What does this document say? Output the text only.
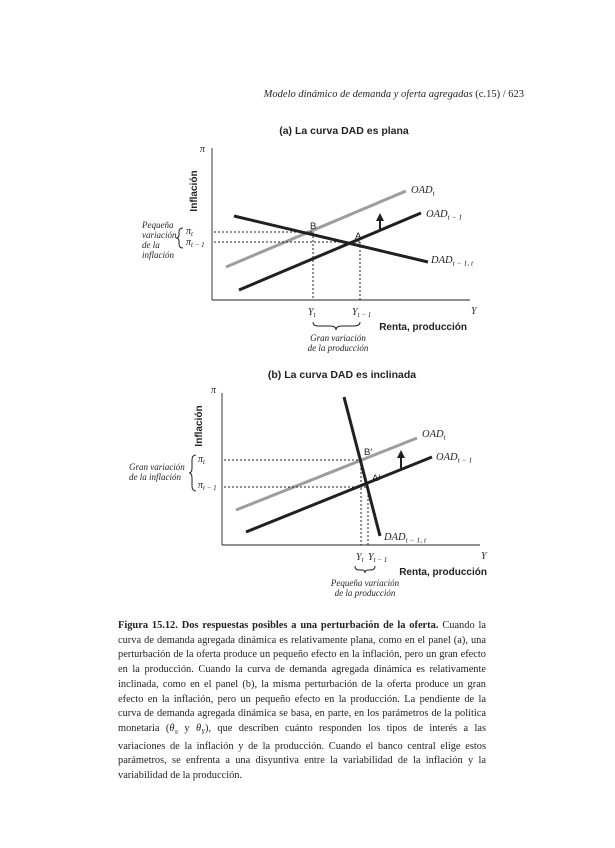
Modelo dinámico de demanda y oferta agregadas (c.15) / 623
(a) La curva DAD es plana
π
Y
Inflación
Renta, producción
$OAD_t$
$OAD_{t - 1}$
$DAD_{t - 1, t}$
B
A
$\pi_t$
$\pi_{t - 1}$
Pequeña
variación
de la
inflación
$Y_t$	$Y_{t - 1}$
Gran variación
de la producción
(b) La curva DAD es inclinada
π
Y
Inflación
Renta, producción
$OAD_t$
$OAD_{t - 1}$
$DAD_{t - 1, t}$
B′
A′
$\pi_t$
$\pi_{t - 1}$
Gran variación
de la inflación
$Y_t$ $Y_{t - 1}$
Pequeña variación
de la producción
Figura 15.12. Dos respuestas posibles a una perturbación de la oferta. Cuando la curva de demanda agregada dinámica es relativamente plana, como en el panel (a), una perturbación de la oferta produce un pequeño efecto en la inflación, pero un gran efecto en la producción. Cuando la curva de demanda agregada dinámica es relativamente inclinada, como en el panel (b), la misma perturbación de la oferta produce un gran efecto en la inflación, pero un pequeño efecto en la producción. La pendiente de la curva de demanda agregada dinámica se basa, en parte, en los parámetros de la política monetaria ($\theta_\pi$ y $\theta_Y$), que describen cuánto responden los tipos de interés a las variaciones de la inflación y de la producción. Cuando el banco central elige estos parámetros, se enfrenta a una disyuntiva entre la variabilidad de la inflación y la variabilidad de la producción.
